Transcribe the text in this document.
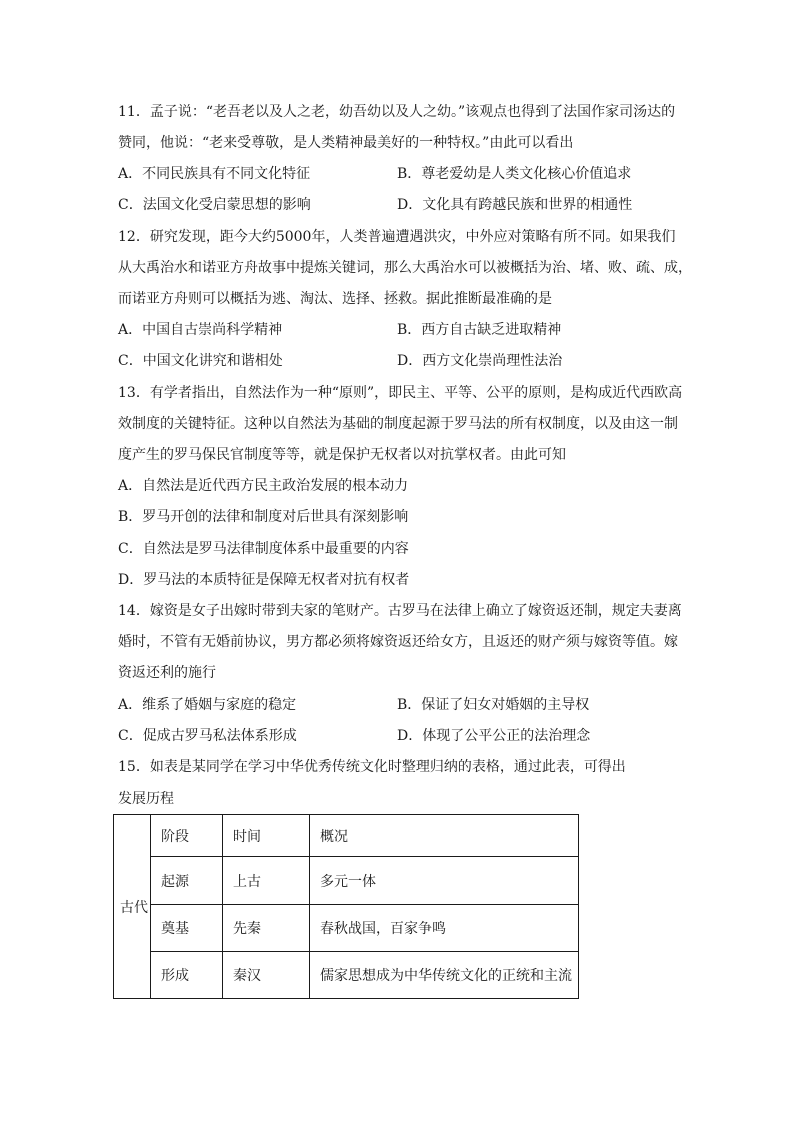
11．孟子说：“老吾老以及人之老，幼吾幼以及人之幼。”该观点也得到了法国作家司汤达的
赞同，他说：“老来受尊敬，是人类精神最美好的一种特权。”由此可以看出
A．不同民族具有不同文化特征	B．尊老爱幼是人类文化核心价值追求
C．法国文化受启蒙思想的影响	D．文化具有跨越民族和世界的相通性
12．研究发现，距今大约5000年，人类普遍遭遇洪灾，中外应对策略有所不同。如果我们
从大禹治水和诺亚方舟故事中提炼关键词，那么大禹治水可以被概括为治、堵、败、疏、成，
而诺亚方舟则可以概括为逃、淘汰、选择、拯救。据此推断最准确的是
A．中国自古崇尚科学精神	B．西方自古缺乏进取精神
C．中国文化讲究和谐相处	D．西方文化崇尚理性法治
13．有学者指出，自然法作为一种“原则”，即民主、平等、公平的原则，是构成近代西欧高
效制度的关键特征。这种以自然法为基础的制度起源于罗马法的所有权制度，以及由这一制
度产生的罗马保民官制度等等，就是保护无权者以对抗掌权者。由此可知
A．自然法是近代西方民主政治发展的根本动力
B．罗马开创的法律和制度对后世具有深刻影响
C．自然法是罗马法律制度体系中最重要的内容
D．罗马法的本质特征是保障无权者对抗有权者
14．嫁资是女子出嫁时带到夫家的笔财产。古罗马在法律上确立了嫁资返还制，规定夫妻离
婚时，不管有无婚前协议，男方都必须将嫁资返还给女方，且返还的财产须与嫁资等值。嫁
资返还利的施行
A．维系了婚姻与家庭的稳定	B．保证了妇女对婚姻的主导权
C．促成古罗马私法体系形成	D．体现了公平公正的法治理念
15．如表是某同学在学习中华优秀传统文化时整理归纳的表格，通过此表，可得出
发展历程
古代	阶段	时间	概况
	起源	上古	多元一体
	奠基	先秦	春秋战国，百家争鸣
	形成	秦汉	儒家思想成为中华传统文化的正统和主流
